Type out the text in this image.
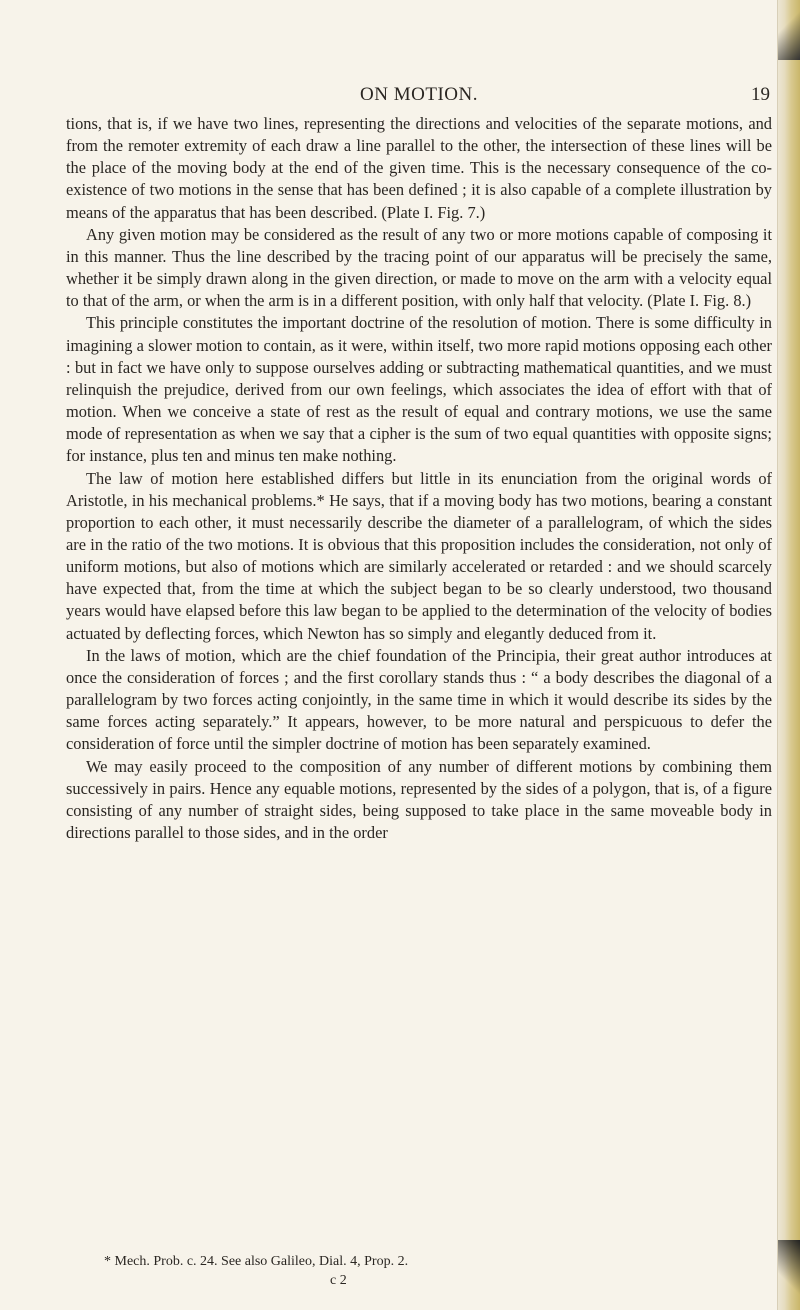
ON MOTION.	19

tions, that is, if we have two lines, representing the directions and velocities of the separate motions, and from the remoter extremity of each draw a line parallel to the other, the intersection of these lines will be the place of the moving body at the end of the given time. This is the necessary consequence of the co-existence of two motions in the sense that has been defined ; it is also capable of a complete illustration by means of the apparatus that has been described. (Plate I. Fig. 7.)

Any given motion may be considered as the result of any two or more motions capable of composing it in this manner. Thus the line described by the tracing point of our apparatus will be precisely the same, whether it be simply drawn along in the given direction, or made to move on the arm with a velocity equal to that of the arm, or when the arm is in a different position, with only half that velocity. (Plate I. Fig. 8.)

This principle constitutes the important doctrine of the resolution of motion. There is some difficulty in imagining a slower motion to contain, as it were, within itself, two more rapid motions opposing each other : but in fact we have only to suppose ourselves adding or subtracting mathematical quantities, and we must relinquish the prejudice, derived from our own feelings, which associates the idea of effort with that of motion. When we conceive a state of rest as the result of equal and contrary motions, we use the same mode of representation as when we say that a cipher is the sum of two equal quantities with opposite signs; for instance, plus ten and minus ten make nothing.

The law of motion here established differs but little in its enunciation from the original words of Aristotle, in his mechanical problems.* He says, that if a moving body has two motions, bearing a constant proportion to each other, it must necessarily describe the diameter of a parallelogram, of which the sides are in the ratio of the two motions. It is obvious that this proposition includes the consideration, not only of uniform motions, but also of motions which are similarly accelerated or retarded : and we should scarcely have expected that, from the time at which the subject began to be so clearly understood, two thousand years would have elapsed before this law began to be applied to the determination of the velocity of bodies actuated by deflecting forces, which Newton has so simply and elegantly deduced from it.

In the laws of motion, which are the chief foundation of the Principia, their great author introduces at once the consideration of forces ; and the first corollary stands thus : “ a body describes the diagonal of a parallelogram by two forces acting conjointly, in the same time in which it would describe its sides by the same forces acting separately.” It appears, however, to be more natural and perspicuous to defer the consideration of force until the simpler doctrine of motion has been separately examined.

We may easily proceed to the composition of any number of different motions by combining them successively in pairs. Hence any equable motions, represented by the sides of a polygon, that is, of a figure consisting of any number of straight sides, being supposed to take place in the same moveable body in directions parallel to those sides, and in the order

* Mech. Prob. c. 24. See also Galileo, Dial. 4, Prop. 2.
c 2
